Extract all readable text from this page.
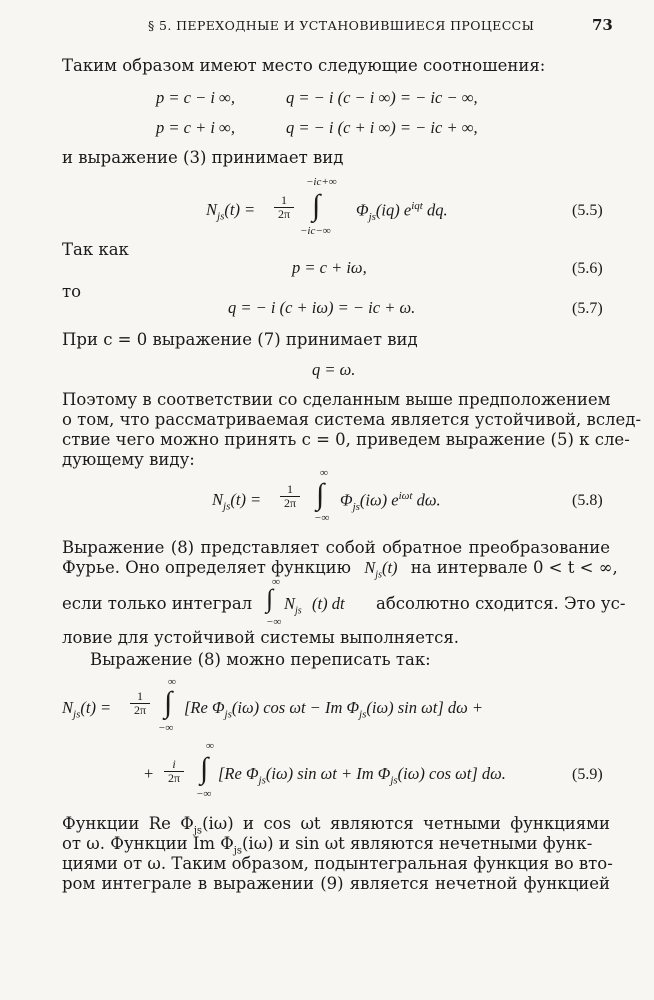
§ 5. ПЕРЕХОДНЫЕ И УСТАНОВИВШИЕСЯ ПРОЦЕССЫ	73
Таким образом имеют место следующие соотношения:
p = c − i ∞,	q = − i (c − i ∞) = − ic − ∞,
p = c + i ∞,	q = − i (c + i ∞) = − ic + ∞,
и выражение (3) принимает вид
$N_{js}(t) = \frac{1}{2\pi}$
−ic+∞
∫
−ic−∞
$\Phi_{js}(iq)$ $e^{iqt}$ dq.	(5.5)
Так как
p = c + iω,	(5.6)
то
q = − i (c + iω) = − ic + ω.	(5.7)
При c = 0 выражение (7) принимает вид
q = ω.
Поэтому в соответствии со сделанным выше предположением
о том, что рассматриваемая система является устойчивой, вслед-
ствие чего можно принять c = 0, приведем выражение (5) к сле-
дующему виду:
$N_{js}(t) = \frac{1}{2\pi}$
∞
∫
−∞
$\Phi_{js}(i\omega)$ $e^{i\omega t}$ dω.	(5.8)
Выражение (8) представляет собой обратное преобразование
Фурье. Оно определяет функцию $N_{js}(t)$ на интервале 0 < t < ∞,
если только интеграл
∞
∫
−∞
$N_{js}$ (t) dt абсолютно сходится. Это ус-
ловие для устойчивой системы выполняется.
Выражение (8) можно переписать так:
$N_{js}(t) = \frac{1}{2\pi}$
∞
∫
−∞
[Re $\Phi_{js}(i\omega)$ cos ωt − Im $\Phi_{js}(i\omega)$ sin ωt] dω +
+ $\frac{i}{2\pi}$
∞
∫
−∞
[Re $\Phi_{js}(i\omega)$ sin ωt + Im $\Phi_{js}(i\omega)$ cos ωt] dω.	(5.9)
Функции Re $\Phi_{js}(i\omega)$ и cos ωt являются четными функциями
от ω. Функции Im $\Phi_{js}(i\omega)$ и sin ωt являются нечетными функ-
циями от ω. Таким образом, подынтегральная функция во вто-
ром интеграле в выражении (9) является нечетной функцией
